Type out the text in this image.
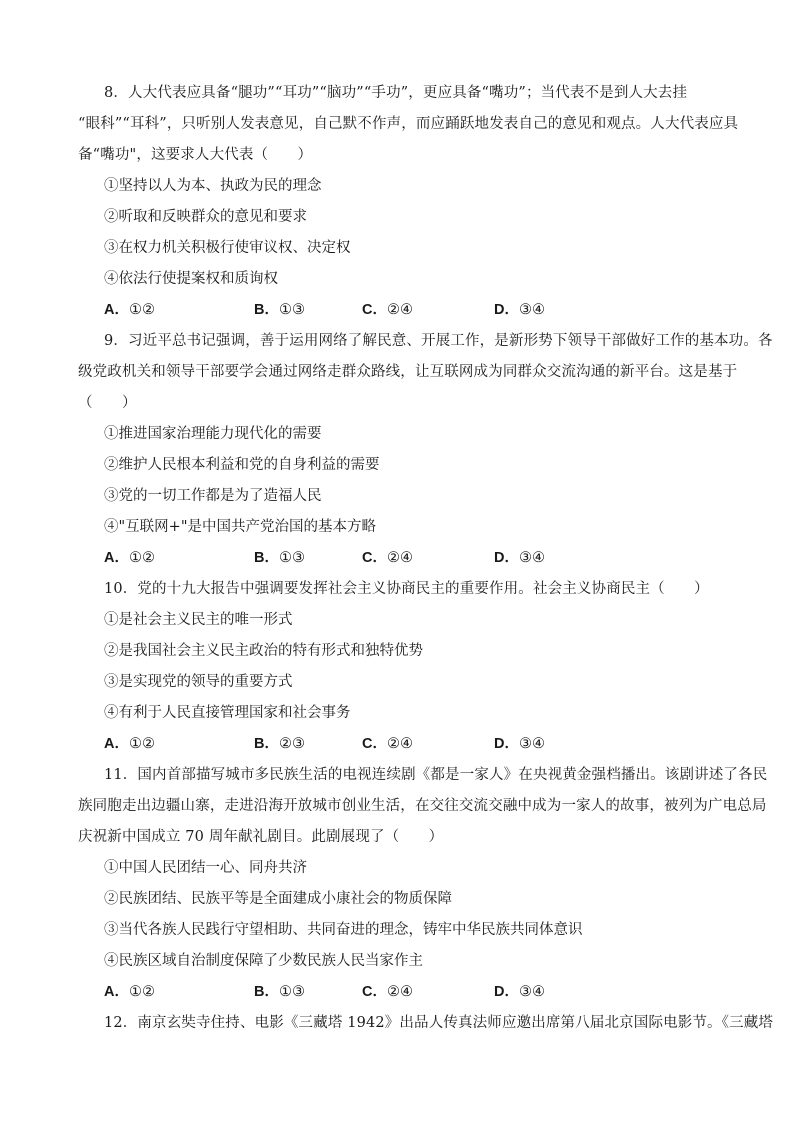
8．人大代表应具备“腿功”“耳功”“脑功”“手功”，更应具备“嘴功”；当代表不是到人大去挂
“眼科”“耳科”，只听别人发表意见，自己默不作声，而应踊跃地发表自己的意见和观点。人大代表应具
备“嘴功"，这要求人大代表（　　）
①坚持以人为本、执政为民的理念
②听取和反映群众的意见和要求
③在权力机关积极行使审议权、决定权
④依法行使提案权和质询权
A．①②	B．①③	C．②④	D．③④
9．习近平总书记强调，善于运用网络了解民意、开展工作，是新形势下领导干部做好工作的基本功。各
级党政机关和领导干部要学会通过网络走群众路线，让互联网成为同群众交流沟通的新平台。这是基于
（　　）
①推进国家治理能力现代化的需要
②维护人民根本利益和党的自身利益的需要
③党的一切工作都是为了造福人民
④"互联网+"是中国共产党治国的基本方略
A．①②	B．①③	C．②④	D．③④
10．党的十九大报告中强调要发挥社会主义协商民主的重要作用。社会主义协商民主（　　）
①是社会主义民主的唯一形式
②是我国社会主义民主政治的特有形式和独特优势
③是实现党的领导的重要方式
④有利于人民直接管理国家和社会事务
A．①②	B．②③	C．②④	D．③④
11．国内首部描写城市多民族生活的电视连续剧《都是一家人》在央视黄金强档播出。该剧讲述了各民
族同胞走出边疆山寨，走进沿海开放城市创业生活，在交往交流交融中成为一家人的故事，被列为广电总局
庆祝新中国成立 70 周年献礼剧目。此剧展现了（　　）
①中国人民团结一心、同舟共济
②民族团结、民族平等是全面建成小康社会的物质保障
③当代各族人民践行守望相助、共同奋进的理念，铸牢中华民族共同体意识
④民族区域自治制度保障了少数民族人民当家作主
A．①②	B．①③	C．②④	D．③④
12．南京玄奘寺住持、电影《三藏塔 1942》出品人传真法师应邀出席第八届北京国际电影节。《三藏塔
